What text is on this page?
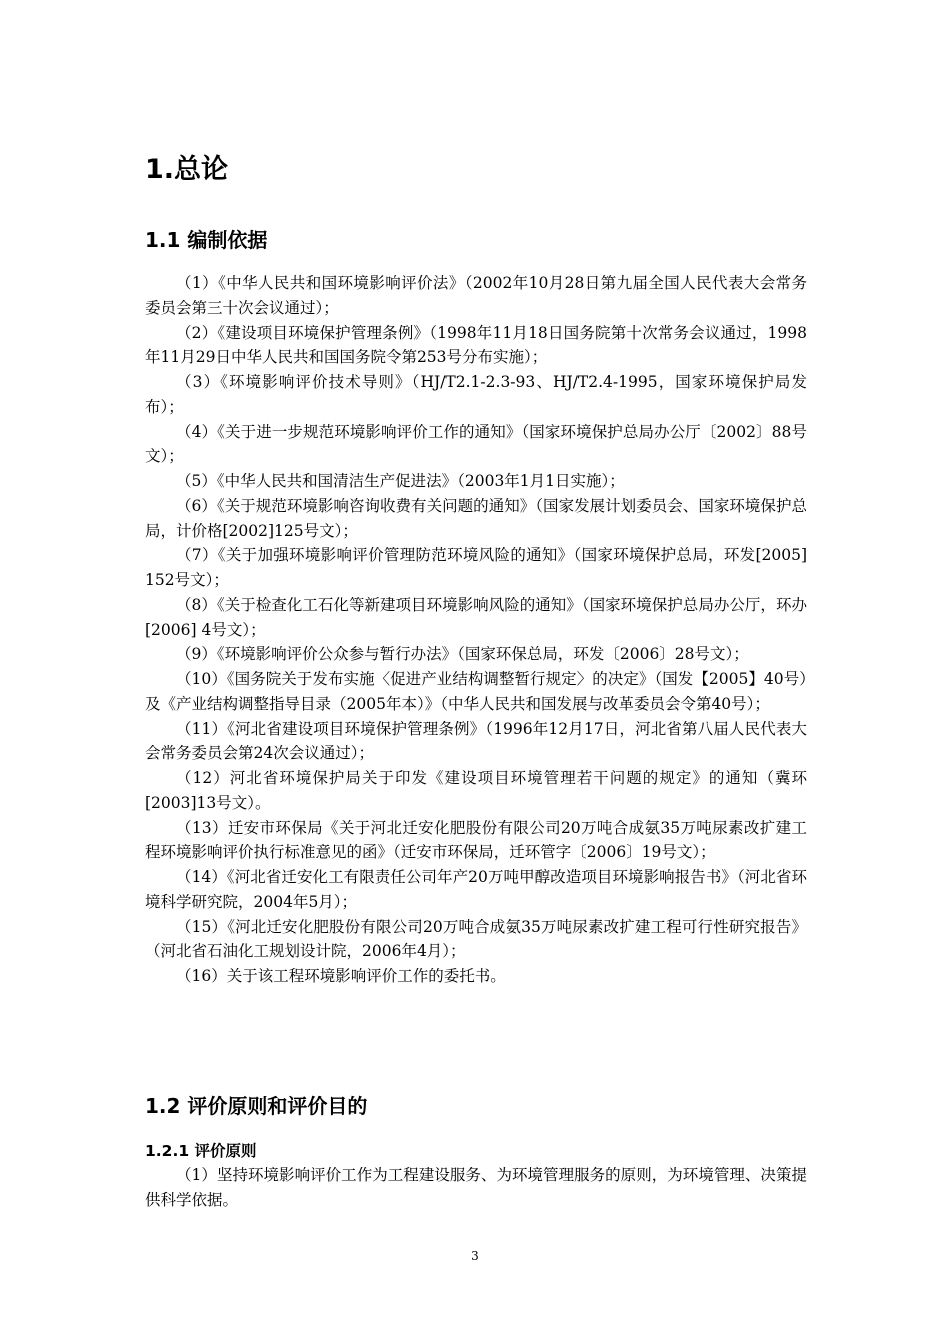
1.总论
1.1 编制依据
（1）《中华人民共和国环境影响评价法》（2002年10月28日第九届全国人民代表大会常务委员会第三十次会议通过）；
（2）《建设项目环境保护管理条例》（1998年11月18日国务院第十次常务会议通过，1998年11月29日中华人民共和国国务院令第253号分布实施）；
（3）《环境影响评价技术导则》（HJ/T2.1-2.3-93、HJ/T2.4-1995，国家环境保护局发布）；
（4）《关于进一步规范环境影响评价工作的通知》（国家环境保护总局办公厅〔2002〕88号文）；
（5）《中华人民共和国清洁生产促进法》（2003年1月1日实施）；
（6）《关于规范环境影响咨询收费有关问题的通知》（国家发展计划委员会、国家环境保护总局，计价格[2002]125号文）；
（7）《关于加强环境影响评价管理防范环境风险的通知》（国家环境保护总局，环发[2005] 152号文）；
（8）《关于检查化工石化等新建项目环境影响风险的通知》（国家环境保护总局办公厅，环办[2006] 4号文）；
（9）《环境影响评价公众参与暂行办法》（国家环保总局，环发〔2006〕28号文）；
（10）《国务院关于发布实施〈促进产业结构调整暂行规定〉的决定》（国发【2005】40号）及《产业结构调整指导目录（2005年本）》（中华人民共和国发展与改革委员会令第40号）；
（11）《河北省建设项目环境保护管理条例》（1996年12月17日，河北省第八届人民代表大会常务委员会第24次会议通过）；
（12）河北省环境保护局关于印发《建设项目环境管理若干问题的规定》的通知（冀环[2003]13号文）。
（13）迁安市环保局《关于河北迁安化肥股份有限公司20万吨合成氨35万吨尿素改扩建工程环境影响评价执行标准意见的函》（迁安市环保局，迁环管字〔2006〕19号文）；
（14）《河北省迁安化工有限责任公司年产20万吨甲醇改造项目环境影响报告书》（河北省环境科学研究院，2004年5月）；
（15）《河北迁安化肥股份有限公司20万吨合成氨35万吨尿素改扩建工程可行性研究报告》（河北省石油化工规划设计院，2006年4月）；
（16）关于该工程环境影响评价工作的委托书。
1.2 评价原则和评价目的
1.2.1 评价原则

（1）坚持环境影响评价工作为工程建设服务、为环境管理服务的原则，为环境管理、决策提供科学依据。

3
